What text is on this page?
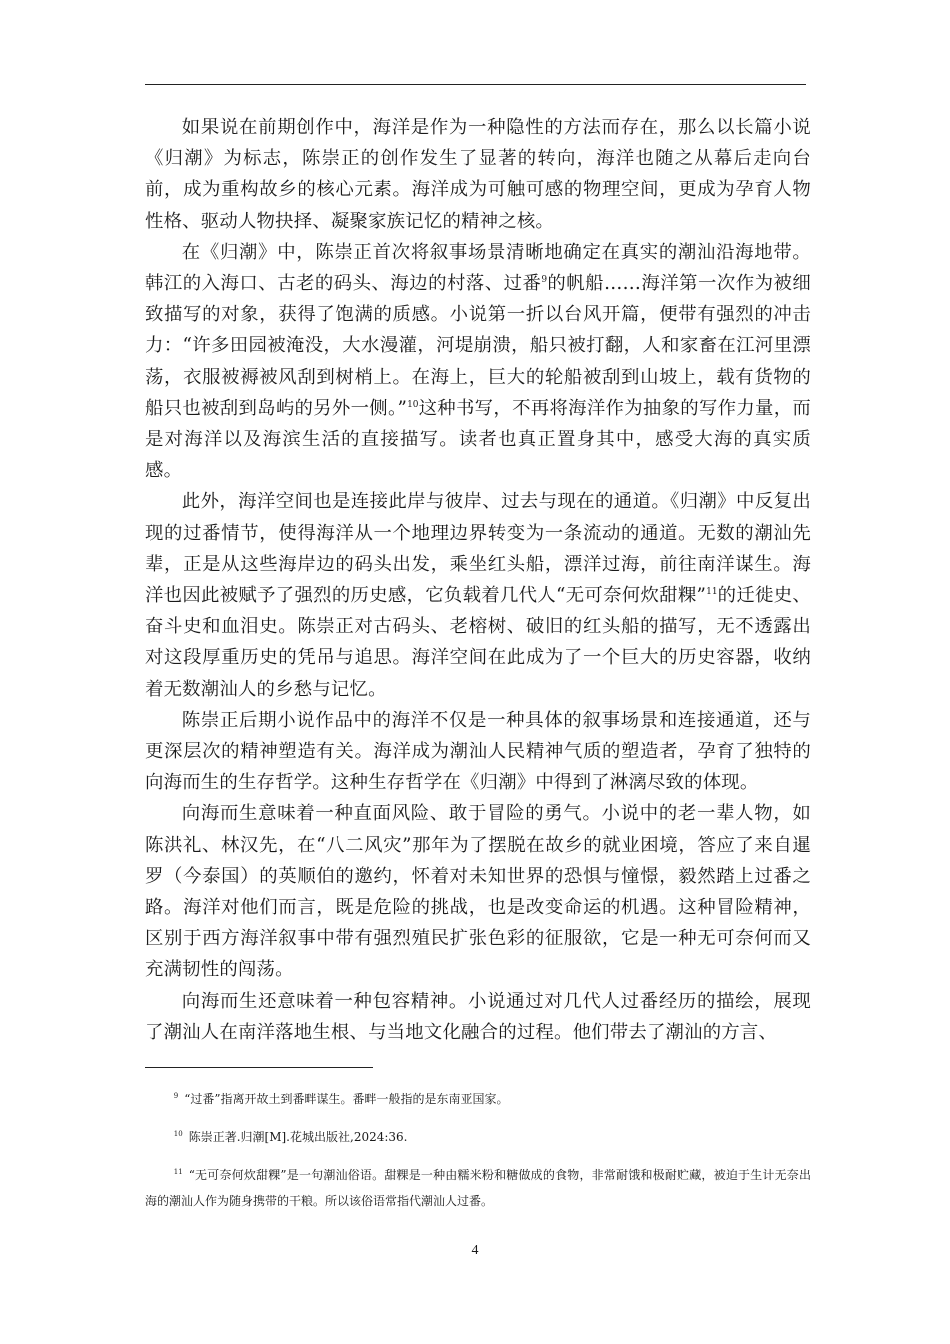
如果说在前期创作中，海洋是作为一种隐性的方法而存在，那么以长篇小说《归潮》为标志，陈崇正的创作发生了显著的转向，海洋也随之从幕后走向台前，成为重构故乡的核心元素。海洋成为可触可感的物理空间，更成为孕育人物性格、驱动人物抉择、凝聚家族记忆的精神之核。

在《归潮》中，陈崇正首次将叙事场景清晰地确定在真实的潮汕沿海地带。韩江的入海口、古老的码头、海边的村落、过番$^9$的帆船……海洋第一次作为被细致描写的对象，获得了饱满的质感。小说第一折以台风开篇，便带有强烈的冲击力：“许多田园被淹没，大水漫灌，河堤崩溃，船只被打翻，人和家畜在江河里漂荡，衣服被褥被风刮到树梢上。在海上，巨大的轮船被刮到山坡上，载有货物的船只也被刮到岛屿的另外一侧。”$^{10}$这种书写，不再将海洋作为抽象的写作力量，而是对海洋以及海滨生活的直接描写。读者也真正置身其中，感受大海的真实质感。

此外，海洋空间也是连接此岸与彼岸、过去与现在的通道。《归潮》中反复出现的过番情节，使得海洋从一个地理边界转变为一条流动的通道。无数的潮汕先辈，正是从这些海岸边的码头出发，乘坐红头船，漂洋过海，前往南洋谋生。海洋也因此被赋予了强烈的历史感，它负载着几代人“无可奈何炊甜粿”$^{11}$的迁徙史、奋斗史和血泪史。陈崇正对古码头、老榕树、破旧的红头船的描写，无不透露出对这段厚重历史的凭吊与追思。海洋空间在此成为了一个巨大的历史容器，收纳着无数潮汕人的乡愁与记忆。

陈崇正后期小说作品中的海洋不仅是一种具体的叙事场景和连接通道，还与更深层次的精神塑造有关。海洋成为潮汕人民精神气质的塑造者，孕育了独特的向海而生的生存哲学。这种生存哲学在《归潮》中得到了淋漓尽致的体现。

向海而生意味着一种直面风险、敢于冒险的勇气。小说中的老一辈人物，如陈洪礼、林汉先，在“八二风灾”那年为了摆脱在故乡的就业困境，答应了来自暹罗（今泰国）的英顺伯的邀约，怀着对未知世界的恐惧与憧憬，毅然踏上过番之路。海洋对他们而言，既是危险的挑战，也是改变命运的机遇。这种冒险精神，区别于西方海洋叙事中带有强烈殖民扩张色彩的征服欲，它是一种无可奈何而又充满韧性的闯荡。

向海而生还意味着一种包容精神。小说通过对几代人过番经历的描绘，展现了潮汕人在南洋落地生根、与当地文化融合的过程。他们带去了潮汕的方言、

$^9$ “过番”指离开故土到番畔谋生。番畔一般指的是东南亚国家。

$^{10}$ 陈崇正著.归潮[M].花城出版社,2024:36.

$^{11}$ “无可奈何炊甜粿”是一句潮汕俗语。甜粿是一种由糯米粉和糖做成的食物，非常耐饿和极耐贮藏，被迫于生计无奈出海的潮汕人作为随身携带的干粮。所以该俗语常指代潮汕人过番。

4
